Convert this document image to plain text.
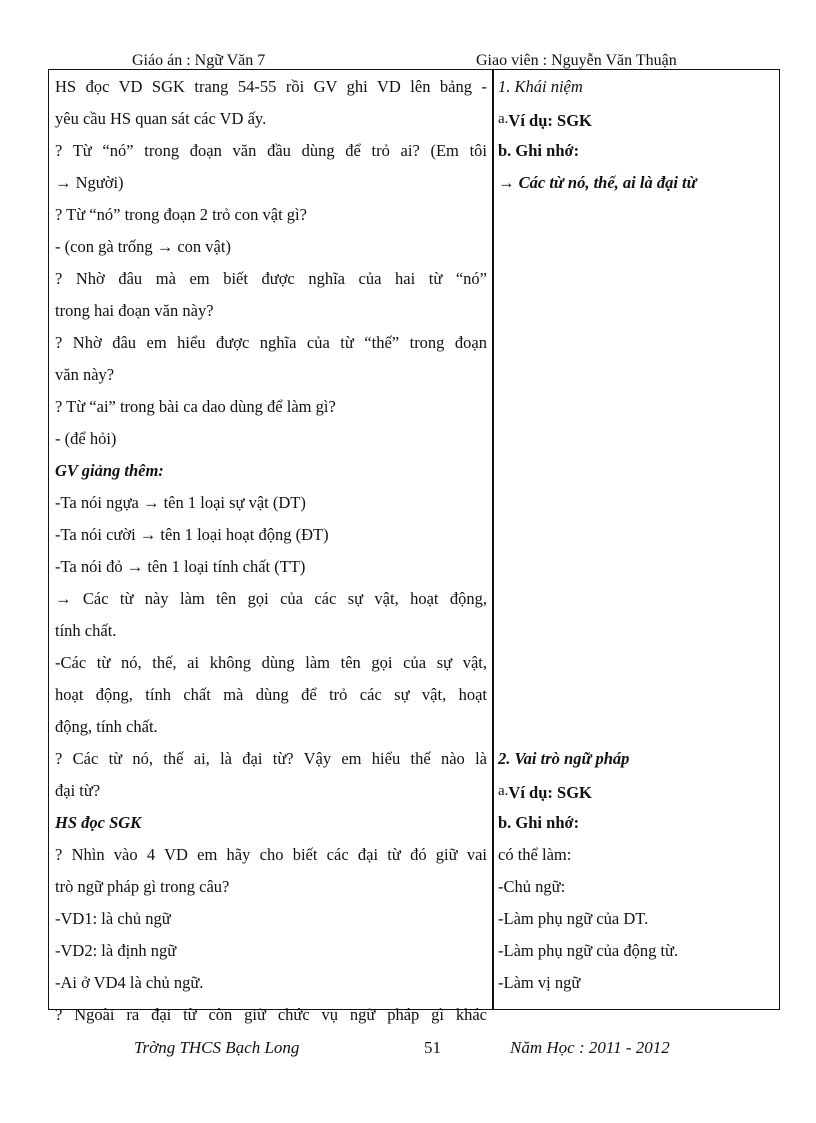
Giáo án : Ngữ Văn 7	Giao viên : Nguyễn Văn Thuận
HS đọc VD SGK trang 54-55 rồi GV ghi VD lên bảng -
yêu cầu HS quan sát các VD ấy.
? Từ “nó” trong đoạn văn đầu dùng để trỏ ai? (Em tôi
→ Người)
? Từ “nó” trong đoạn 2 trỏ con vật gì?
- (con gà trống → con vật)
? Nhờ đâu mà em biết được nghĩa của hai từ “nó”
trong hai đoạn văn này?
? Nhờ đâu em hiểu được nghĩa của từ “thế” trong đoạn
văn này?
? Từ “ai” trong bài ca dao dùng để làm gì?
- (để hỏi)
GV giảng thêm:
-Ta nói ngựa → tên 1 loại sự vật (DT)
-Ta nói cười → tên 1 loại hoạt động (ĐT)
-Ta nói đỏ → tên 1 loại tính chất (TT)
→ Các từ này làm tên gọi của các sự vật, hoạt động,
tính chất.
-Các từ nó, thế, ai không dùng làm tên gọi của sự vật,
hoạt động, tính chất mà dùng để trỏ các sự vật, hoạt
động, tính chất.
? Các từ nó, thế ai, là đại từ? Vậy em hiểu thế nào là
đại từ?
HS đọc SGK
? Nhìn vào 4 VD em hãy cho biết các đại từ đó giữ vai
trò ngữ pháp gì trong câu?
-VD1: là chủ ngữ
-VD2: là định ngữ
-Ai ở VD4 là chủ ngữ.
? Ngoài ra đại từ còn giữ chức vụ ngữ pháp gì khác
1. Khái niệm
a.Ví dụ: SGK
b. Ghi nhớ:
→ Các từ nó, thế, ai là đại từ
2. Vai trò ngữ pháp
a.Ví dụ: SGK
b. Ghi nhớ:
có thể làm:
-Chủ ngữ:
-Làm phụ ngữ của DT.
-Làm phụ ngữ của động từ.
-Làm vị ngữ
Trờng THCS Bạch Long	51	Năm Học : 2011 - 2012
